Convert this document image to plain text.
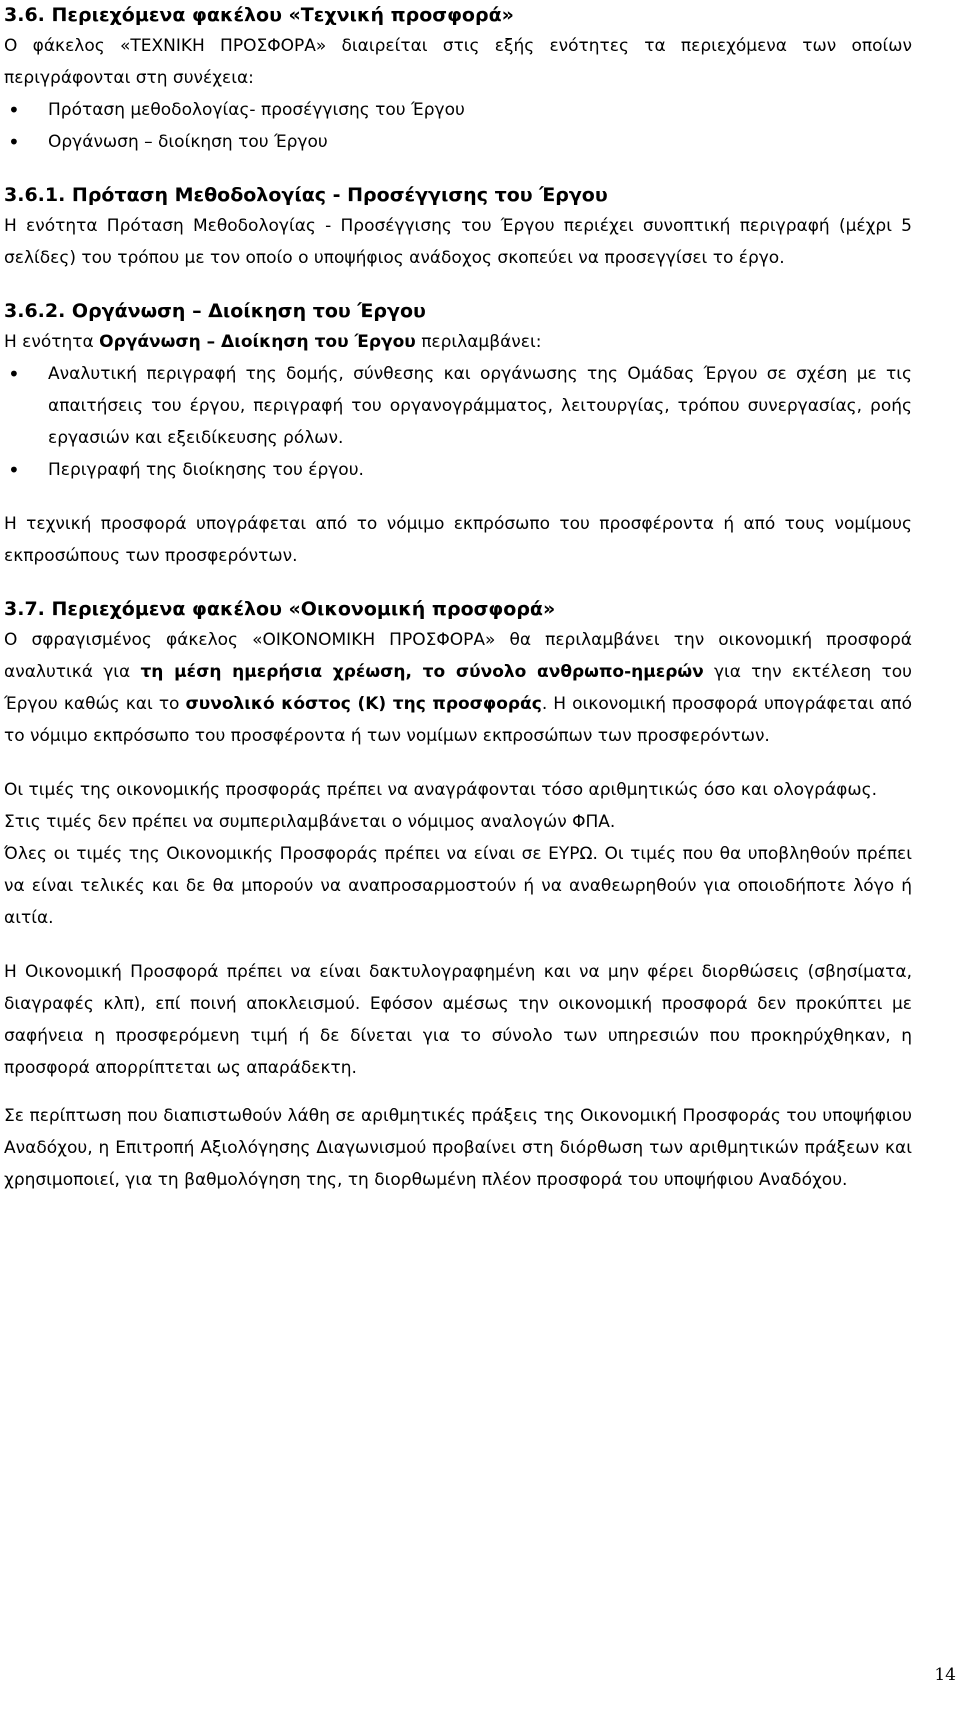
3.6. Περιεχόμενα φακέλου «Τεχνική προσφορά»

Ο φάκελος «ΤΕΧΝΙΚΗ ΠΡΟΣΦΟΡΑ» διαιρείται στις εξής ενότητες τα περιεχόμενα των οποίων περιγράφονται στη συνέχεια:

• Πρόταση μεθοδολογίας- προσέγγισης του Έργου
• Οργάνωση – διοίκηση του Έργου
3.6.1. Πρόταση Μεθοδολογίας - Προσέγγισης του Έργου

Η ενότητα Πρόταση Μεθοδολογίας - Προσέγγισης του Έργου περιέχει συνοπτική περιγραφή (μέχρι 5 σελίδες) του τρόπου με τον οποίο ο υποψήφιος ανάδοχος σκοπεύει να προσεγγίσει το έργο.

3.6.2. Οργάνωση – Διοίκηση του Έργου

Η ενότητα Οργάνωση – Διοίκηση του Έργου περιλαμβάνει:

• Αναλυτική περιγραφή της δομής, σύνθεσης και οργάνωσης της Ομάδας Έργου σε σχέση με τις απαιτήσεις του έργου, περιγραφή του οργανογράμματος, λειτουργίας, τρόπου συνεργασίας, ροής εργασιών και εξειδίκευσης ρόλων.
• Περιγραφή της διοίκησης του έργου.

Η τεχνική προσφορά υπογράφεται από το νόμιμο εκπρόσωπο του προσφέροντα ή από τους νομίμους εκπροσώπους των προσφερόντων.

3.7. Περιεχόμενα φακέλου «Οικονομική προσφορά»

Ο σφραγισμένος φάκελος «ΟΙΚΟΝΟΜΙΚΗ ΠΡΟΣΦΟΡΑ» θα περιλαμβάνει την οικονομική προσφορά αναλυτικά για τη μέση ημερήσια χρέωση, το σύνολο ανθρωπο-ημερών για την εκτέλεση του Έργου καθώς και το συνολικό κόστος (Κ) της προσφοράς. Η οικονομική προσφορά υπογράφεται από το νόμιμο εκπρόσωπο του προσφέροντα ή των νομίμων εκπροσώπων των προσφερόντων.

Οι τιμές της οικονομικής προσφοράς πρέπει να αναγράφονται τόσο αριθμητικώς όσο και ολογράφως.

Στις τιμές δεν πρέπει να συμπεριλαμβάνεται ο νόμιμος αναλογών ΦΠΑ.

Όλες οι τιμές της Οικονομικής Προσφοράς πρέπει να είναι σε ΕΥΡΩ. Οι τιμές που θα υποβληθούν πρέπει να είναι τελικές και δε θα μπορούν να αναπροσαρμοστούν ή να αναθεωρηθούν για οποιοδήποτε λόγο ή αιτία.

Η Οικονομική Προσφορά πρέπει να είναι δακτυλογραφημένη και να μην φέρει διορθώσεις (σβησίματα, διαγραφές κλπ), επί ποινή αποκλεισμού. Εφόσον αμέσως την οικονομική προσφορά δεν προκύπτει με σαφήνεια η προσφερόμενη τιμή ή δε δίνεται για το σύνολο των υπηρεσιών που προκηρύχθηκαν, η προσφορά απορρίπτεται ως απαράδεκτη.

Σε περίπτωση που διαπιστωθούν λάθη σε αριθμητικές πράξεις της Οικονομική Προσφοράς του υποψήφιου Αναδόχου, η Επιτροπή Αξιολόγησης Διαγωνισμού προβαίνει στη διόρθωση των αριθμητικών πράξεων και χρησιμοποιεί, για τη βαθμολόγηση της, τη διορθωμένη πλέον προσφορά του υποψήφιου Αναδόχου.

14
